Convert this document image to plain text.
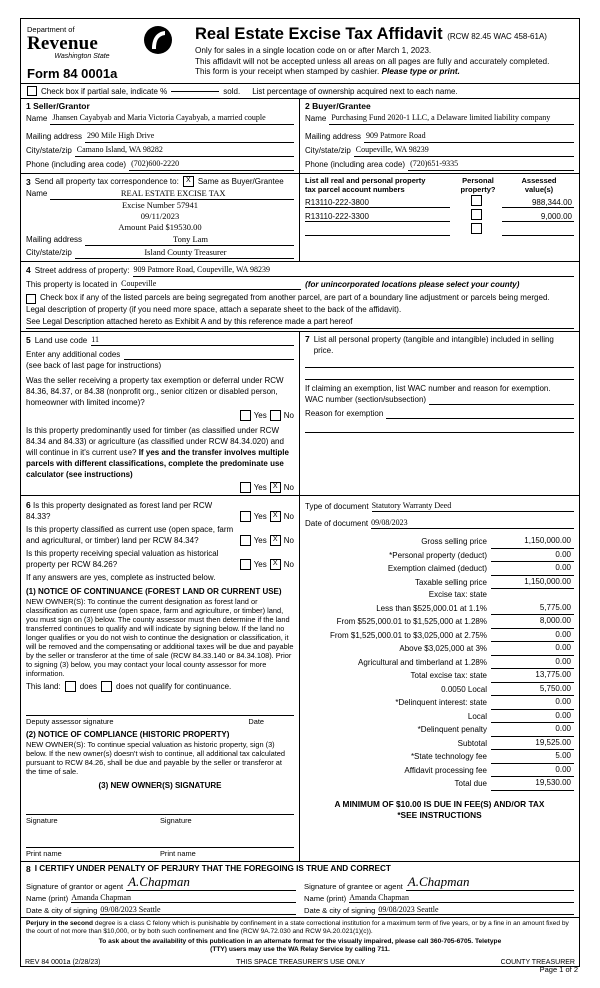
Department of
Revenue
Washington State
Form 84 0001a
Real Estate Excise Tax Affidavit (RCW 82.45 WAC 458-61A)
Only for sales in a single location code on or after March 1, 2023.
This affidavit will not be accepted unless all areas on all pages are fully and accurately completed.
This form is your receipt when stamped by cashier. Please type or print.
Check box if partial sale, indicate %	sold. List percentage of ownership acquired next to each name.
1 Seller/Grantor
Name Jhansen Cayabyab and Maria Victoria Cayabyab, a married couple
Mailing address 290 Mile High Drive
City/state/zip Camano Island, WA 98282
Phone (including area code) (702)600-2220
2 Buyer/Grantee
Name Purchasing Fund 2020-1 LLC, a Delaware limited liability company
Mailing address 909 Patmore Road
City/state/zip Coupeville, WA 98239
Phone (including area code) (720)651-9335
3 Send all property tax correspondence to:	X Same as Buyer/Grantee
Name	REAL ESTATE EXCISE TAX
Excise Number 57941
09/11/2023
Amount Paid $19530.00
Mailing address	Tony Lam
City/state/zip	Island County Treasurer
List all real and personal property
tax parcel account numbers
Personal
property?
Assessed
value(s)
R13110-222-3800	988,344.00
R13110-222-3300	9,000.00
4 Street address of property: 909 Patmore Road, Coupeville, WA 98239
This property is located in Coupeville	(for unincorporated locations please select your county)
Check box if any of the listed parcels are being segregated from another parcel, are part of a boundary line adjustment or parcels being merged.
Legal description of property (if you need more space, attach a separate sheet to the back of the affidavit).
See Legal Description attached hereto as Exhibit A and by this reference made a part hereof
5 Land use code 11
Enter any additional codes
(see back of last page for instructions)
Was the seller receiving a property tax exemption or deferral under RCW 84.36, 84.37, or 84.38 (nonprofit org., senior citizen or disabled person, homeowner with limited income)?
Yes No
Is this property predominantly used for timber (as classified under RCW 84.34 and 84.33) or agriculture (as classified under RCW 84.34.020) and will continue in it's current use? If yes and the transfer involves multiple parcels with different classifications, complete the predominate use calculator (see instructions)
Yes X No
7 List all personal property (tangible and intangible) included in selling price.
If claiming an exemption, list WAC number and reason for exemption.
WAC number (section/subsection)
Reason for exemption
6 Is this property designated as forest land per RCW 84.33?	Yes X No
Is this property classified as current use (open space, farm and agricultural, or timber) land per RCW 84.34?	Yes X No
Is this property receiving special valuation as historical property per RCW 84.26?	Yes X No
If any answers are yes, complete as instructed below.
(1) NOTICE OF CONTINUANCE (FOREST LAND OR CURRENT USE)
NEW OWNER(S): To continue the current designation as forest land or classification as current use (open space, farm and agriculture, or timber) land, you must sign on (3) below. The county assessor must then determine if the land transferred continues to qualify and will indicate by signing below. If the land no longer qualifies or you do not wish to continue the designation or classification, it will be removed and the compensating or additional taxes will be due and payable by the seller or transferor at the time of sale (RCW 84.33.140 or 84.34.108). Prior to signing (3) below, you may contact your local county assessor for more information.
This land: does does not qualify for continuance.
Deputy assessor signature	Date
(2) NOTICE OF COMPLIANCE (HISTORIC PROPERTY)
NEW OWNER(S): To continue special valuation as historic property, sign (3) below. If the new owner(s) doesn't wish to continue, all additional tax calculated pursuant to RCW 84.26, shall be due and payable by the seller or transferor at the time of sale.
(3) NEW OWNER(S) SIGNATURE
Signature	Signature
Print name	Print name
Type of document Statutory Warranty Deed
Date of document 09/08/2023
Gross selling price	1,150,000.00
*Personal property (deduct)	0.00
Exemption claimed (deduct)	0.00
Taxable selling price	1,150,000.00
Excise tax: state
Less than $525,000.01 at 1.1%	5,775.00
From $525,000.01 to $1,525,000 at 1.28%	8,000.00
From $1,525,000.01 to $3,025,000 at 2.75%	0.00
Above $3,025,000 at 3%	0.00
Agricultural and timberland at 1.28%	0.00
Total excise tax: state	13,775.00
0.0050 Local	5,750.00
*Delinquent interest: state	0.00
Local	0.00
*Delinquent penalty	0.00
Subtotal	19,525.00
*State technology fee	5.00
Affidavit processing fee	0.00
Total due	19,530.00
A MINIMUM OF $10.00 IS DUE IN FEE(S) AND/OR TAX
*SEE INSTRUCTIONS
8 I CERTIFY UNDER PENALTY OF PERJURY THAT THE FOREGOING IS TRUE AND CORRECT
Signature of grantor or agent A.Chapman
Name (print) Amanda Chapman
Date & city of signing 09/08/2023 Seattle
Signature of grantee or agent A.Chapman
Name (print) Amanda Chapman
Date & city of signing 09/08/2023 Seattle
Perjury in the second degree is a class C felony which is punishable by confinement in a state correctional institution for a maximum term of five years, or by a fine in an amount fixed by the court of not more than $10,000, or by both such confinement and fine (RCW 9A.72.030 and RCW 9A.20.021(1)(c)).
To ask about the availability of this publication in an alternate format for the visually impaired, please call 360-705-6705. Teletype
(TTY) users may use the WA Relay Service by calling 711.
REV 84 0001a (2/28/23)	THIS SPACE TREASURER'S USE ONLY	COUNTY TREASURER
Page 1 of 2
